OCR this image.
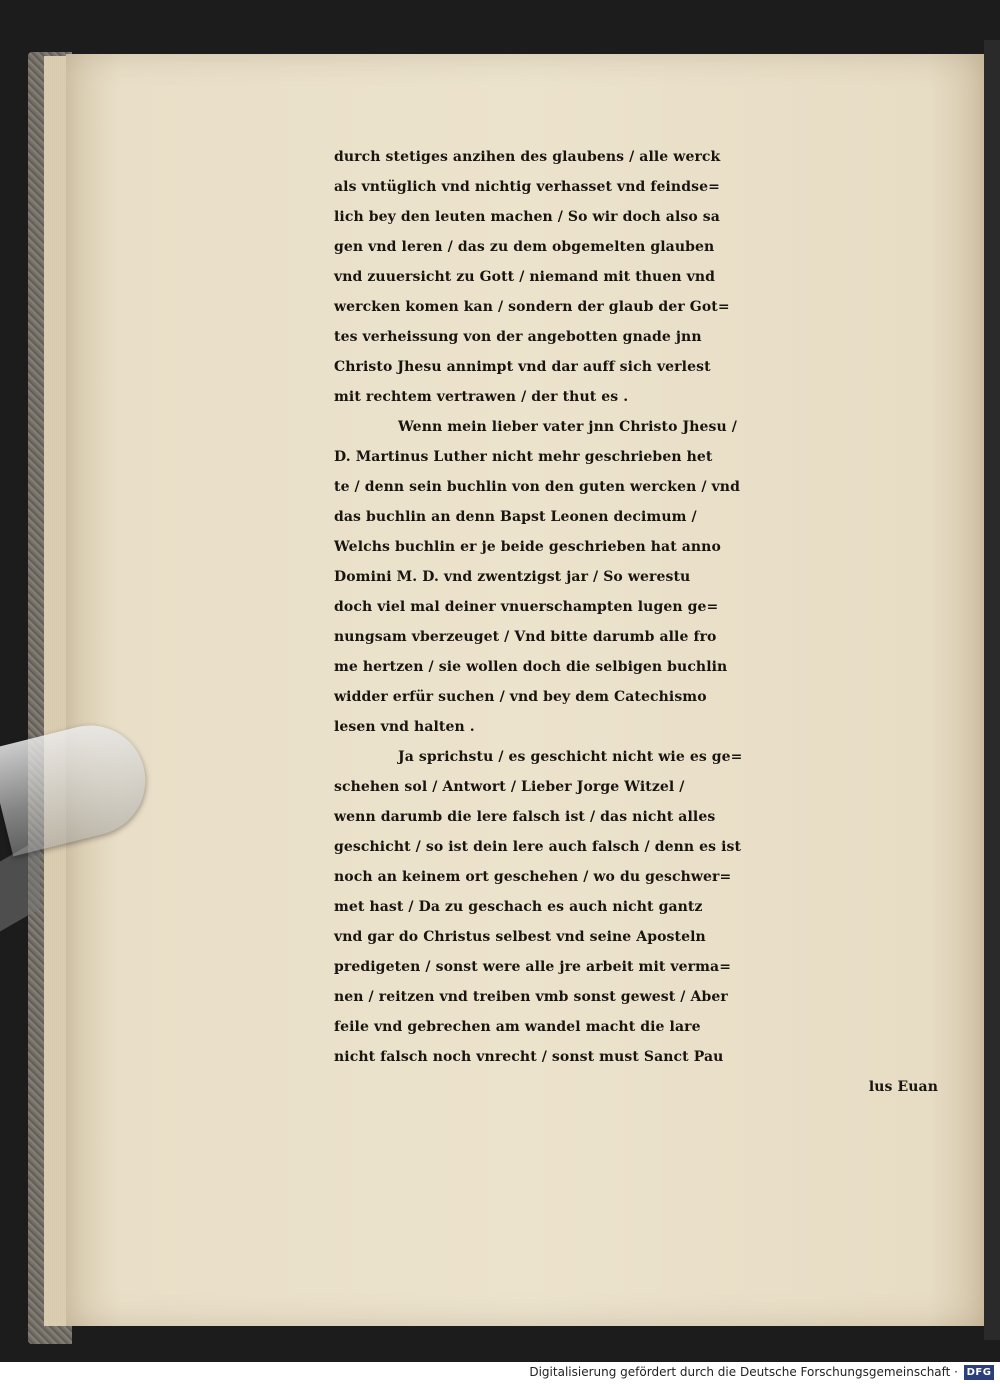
durch stetiges anzihen des glaubens / alle werck
als vntüglich vnd nichtig verhasset vnd feindse=
lich bey den leuten machen / So wir doch also sa
gen vnd leren / das zu dem obgemelten glauben
vnd zuuersicht zu Gott / niemand mit thuen vnd
wercken komen kan / sondern der glaub der Got=
tes verheissung von der angebotten gnade jnn
Christo Jhesu annimpt vnd dar auff sich verlest
mit rechtem vertrawen / der thut es .
Wenn mein lieber vater jnn Christo Jhesu /
D. Martinus Luther nicht mehr geschrieben het
te / denn sein buchlin von den guten wercken / vnd
das buchlin an denn Bapst Leonen decimum /
Welchs buchlin er je beide geschrieben hat anno
Domini M. D. vnd zwentzigst jar / So werestu
doch viel mal deiner vnuerschampten lugen ge=
nungsam vberzeuget / Vnd bitte darumb alle fro
me hertzen / sie wollen doch die selbigen buchlin
widder erfür suchen / vnd bey dem Catechismo
lesen vnd halten .
Ja sprichstu / es geschicht nicht wie es ge=
schehen sol / Antwort / Lieber Jorge Witzel /
wenn darumb die lere falsch ist / das nicht alles
geschicht / so ist dein lere auch falsch / denn es ist
noch an keinem ort geschehen / wo du geschwer=
met hast / Da zu geschach es auch nicht gantz
vnd gar do Christus selbest vnd seine Aposteln
predigeten / sonst were alle jre arbeit mit verma=
nen / reitzen vnd treiben vmb sonst gewest / Aber
feile vnd gebrechen am wandel macht die lare
nicht falsch noch vnrecht / sonst must Sanct Pau
lus Euan
Digitalisierung gefördert durch die Deutsche Forschungsgemeinschaft · DFG
